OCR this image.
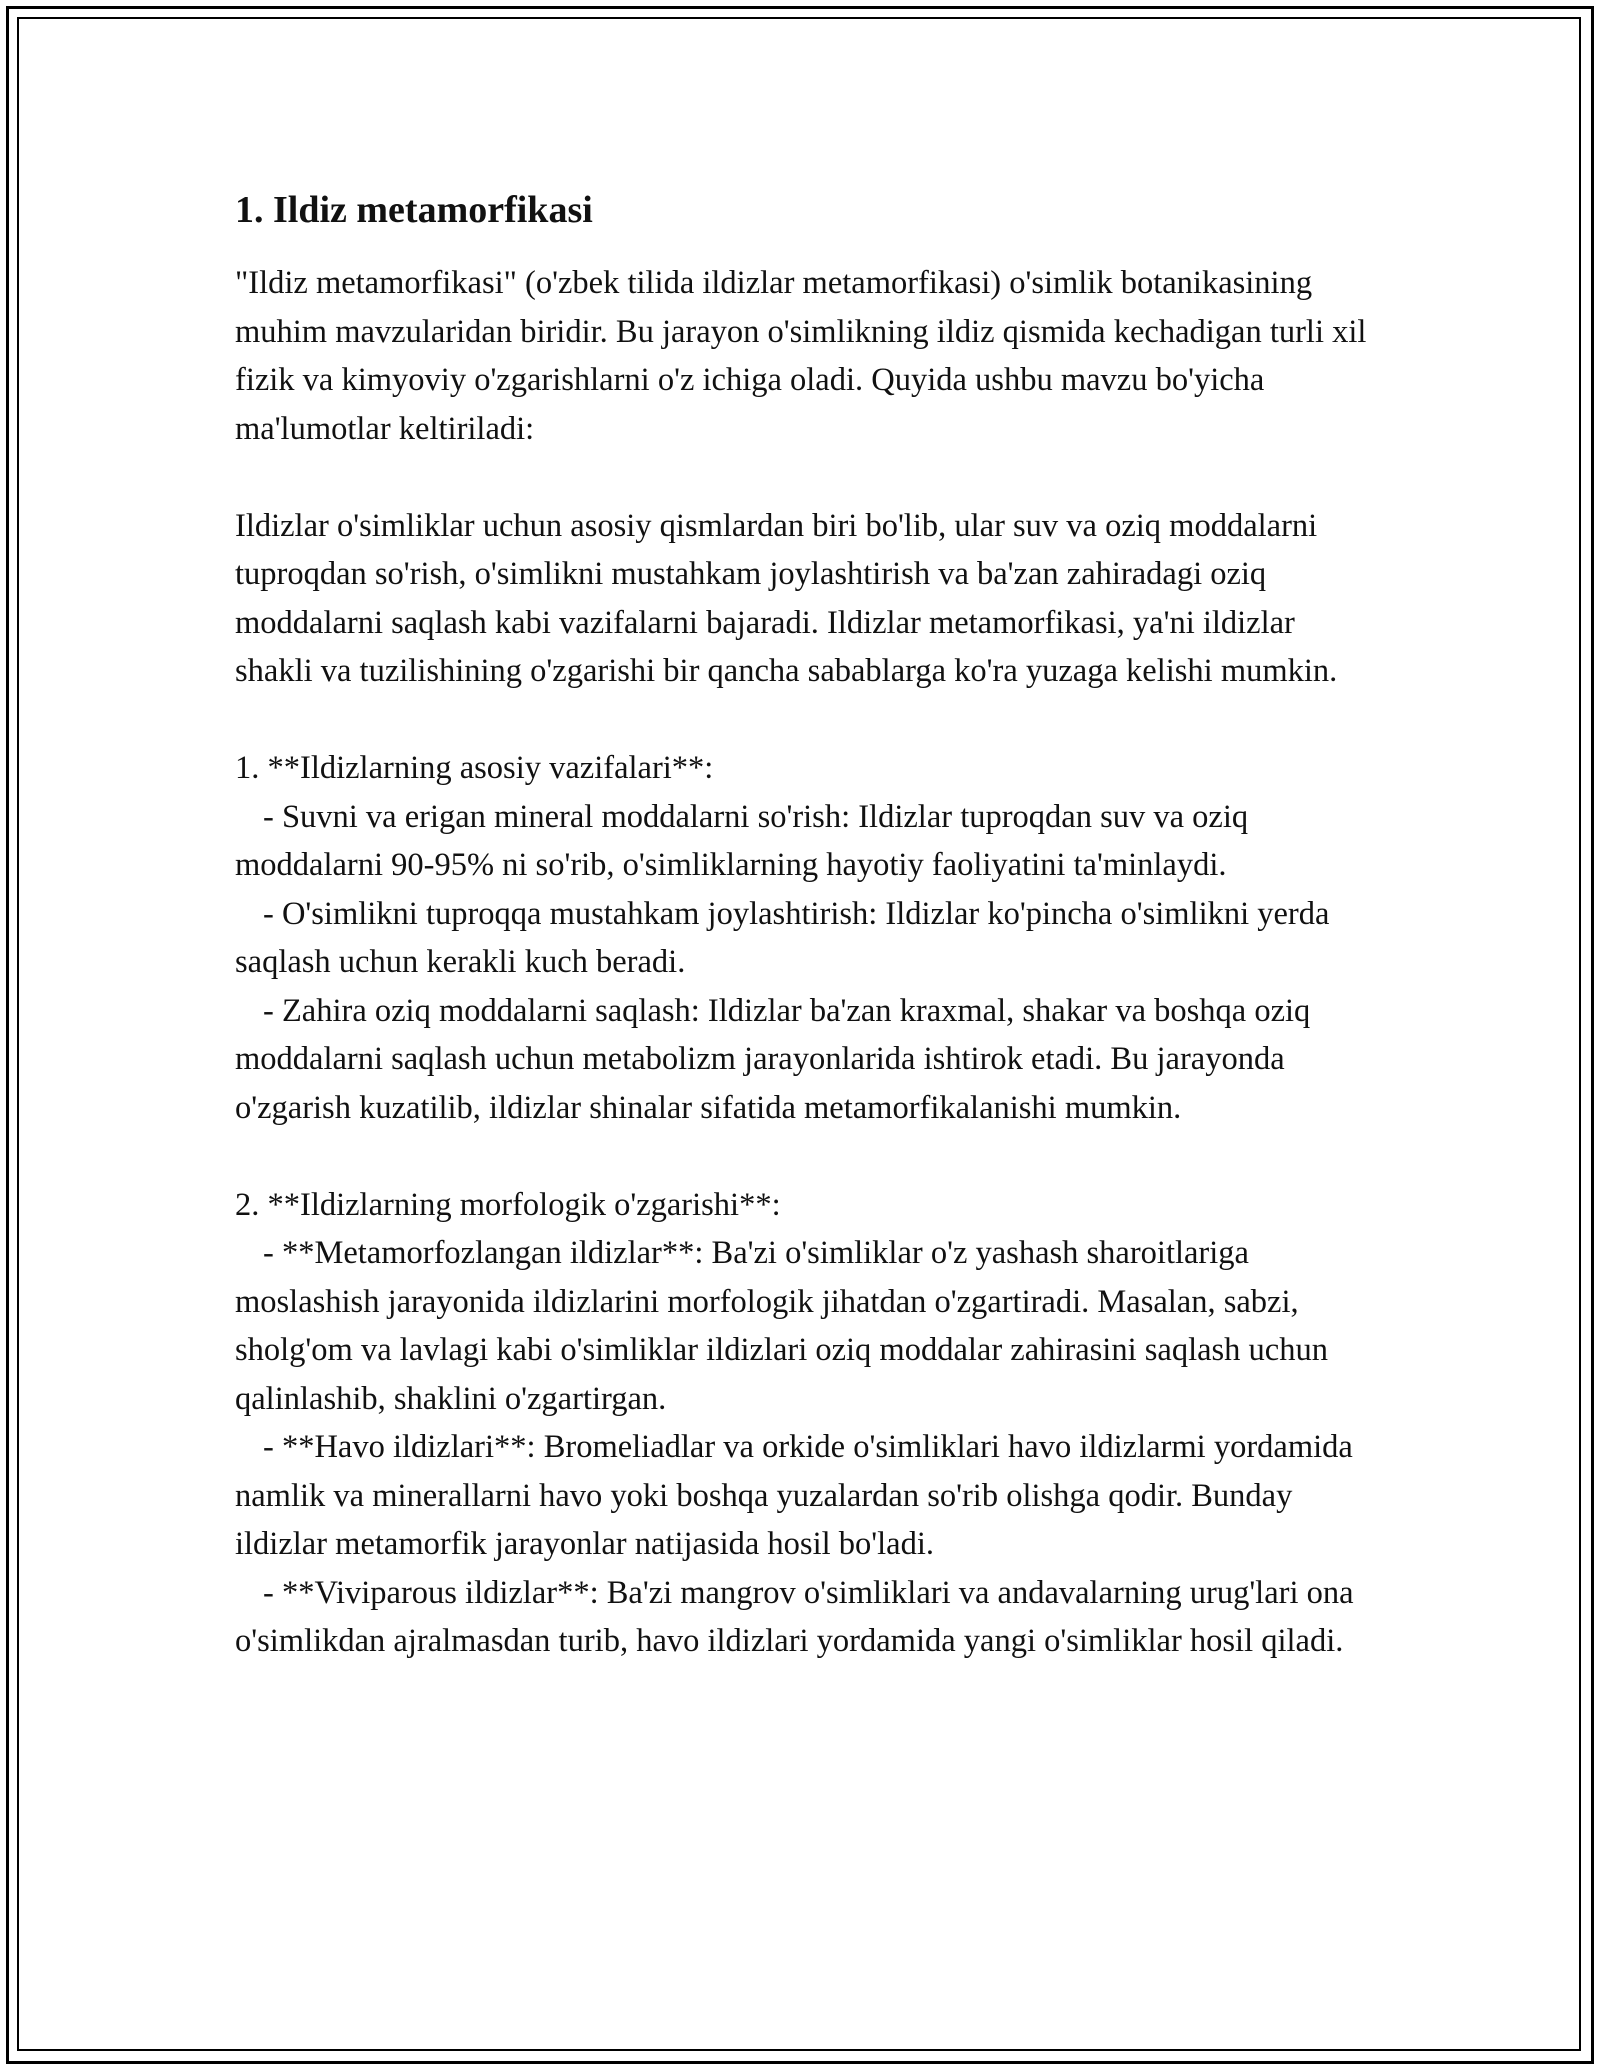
1. Ildiz metamorfikasi

"Ildiz metamorfikasi" (o'zbek tilida ildizlar metamorfikasi) o'simlik botanikasining muhim mavzularidan biridir. Bu jarayon o'simlikning ildiz qismida kechadigan turli xil fizik va kimyoviy o'zgarishlarni o'z ichiga oladi. Quyida ushbu mavzu bo'yicha ma'lumotlar keltiriladi:

Ildizlar o'simliklar uchun asosiy qismlardan biri bo'lib, ular suv va oziq moddalarni tuproqdan so'rish, o'simlikni mustahkam joylashtirish va ba'zan zahiradagi oziq moddalarni saqlash kabi vazifalarni bajaradi. Ildizlar metamorfikasi, ya'ni ildizlar shakli va tuzilishining o'zgarishi bir qancha sabablarga ko'ra yuzaga kelishi mumkin.

1. **Ildizlarning asosiy vazifalari**:

- Suvni va erigan mineral moddalarni so'rish: Ildizlar tuproqdan suv va oziq moddalarni 90-95% ni so'rib, o'simliklarning hayotiy faoliyatini ta'minlaydi.

- O'simlikni tuproqqa mustahkam joylashtirish: Ildizlar ko'pincha o'simlikni yerda saqlash uchun kerakli kuch beradi.

- Zahira oziq moddalarni saqlash: Ildizlar ba'zan kraxmal, shakar va boshqa oziq moddalarni saqlash uchun metabolizm jarayonlarida ishtirok etadi. Bu jarayonda o'zgarish kuzatilib, ildizlar shinalar sifatida metamorfikalanishi mumkin.

2. **Ildizlarning morfologik o'zgarishi**:

- **Metamorfozlangan ildizlar**: Ba'zi o'simliklar o'z yashash sharoitlariga moslashish jarayonida ildizlarini morfologik jihatdan o'zgartiradi. Masalan, sabzi, sholg'om va lavlagi kabi o'simliklar ildizlari oziq moddalar zahirasini saqlash uchun qalinlashib, shaklini o'zgartirgan.

- **Havo ildizlari**: Bromeliadlar va orkide o'simliklari havo ildizlarmi yordamida namlik va minerallarni havo yoki boshqa yuzalardan so'rib olishga qodir. Bunday ildizlar metamorfik jarayonlar natijasida hosil bo'ladi.

- **Viviparous ildizlar**: Ba'zi mangrov o'simliklari va andavalarning urug'lari ona o'simlikdan ajralmasdan turib, havo ildizlari yordamida yangi o'simliklar hosil qiladi.
